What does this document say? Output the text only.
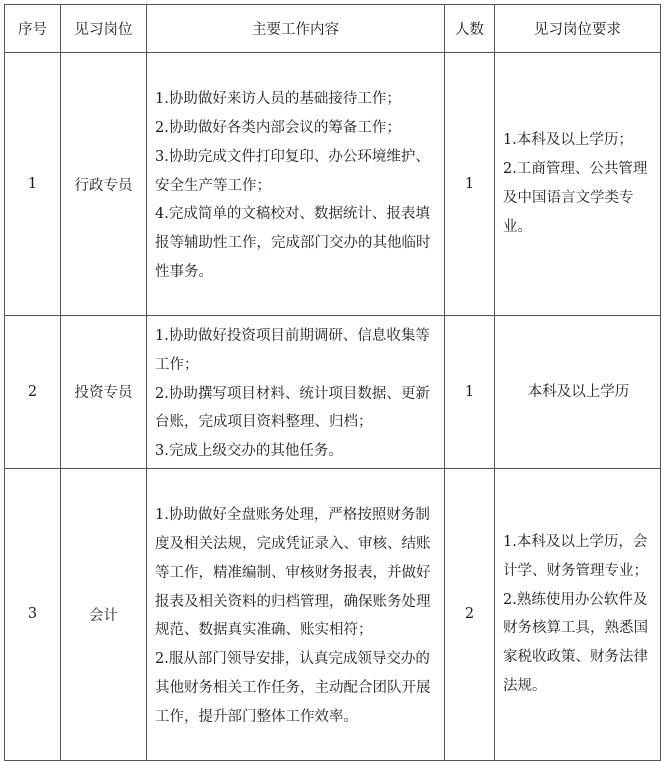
序号	见习岗位	主要工作内容	人数	见习岗位要求
1	行政专员	1.协助做好来访人员的基础接待工作；
2.协助做好各类内部会议的筹备工作；
3.协助完成文件打印复印、办公环境维护、安全生产等工作；
4.完成简单的文稿校对、数据统计、报表填报等辅助性工作，完成部门交办的其他临时性事务。	1	1.本科及以上学历；
2.工商管理、公共管理及中国语言文学类专业。

2	投资专员	1.协助做好投资项目前期调研、信息收集等工作；
2.协助撰写项目材料、统计项目数据、更新台账，完成项目资料整理、归档；
3.完成上级交办的其他任务。	1	本科及以上学历

3	会计	1.协助做好全盘账务处理，严格按照财务制度及相关法规，完成凭证录入、审核、结账等工作，精准编制、审核财务报表，并做好报表及相关资料的归档管理，确保账务处理规范、数据真实准确、账实相符；
2.服从部门领导安排，认真完成领导交办的其他财务相关工作任务，主动配合团队开展工作，提升部门整体工作效率。	2	1.本科及以上学历，会计学、财务管理专业；
2.熟练使用办公软件及财务核算工具，熟悉国家税收政策、财务法律法规。
